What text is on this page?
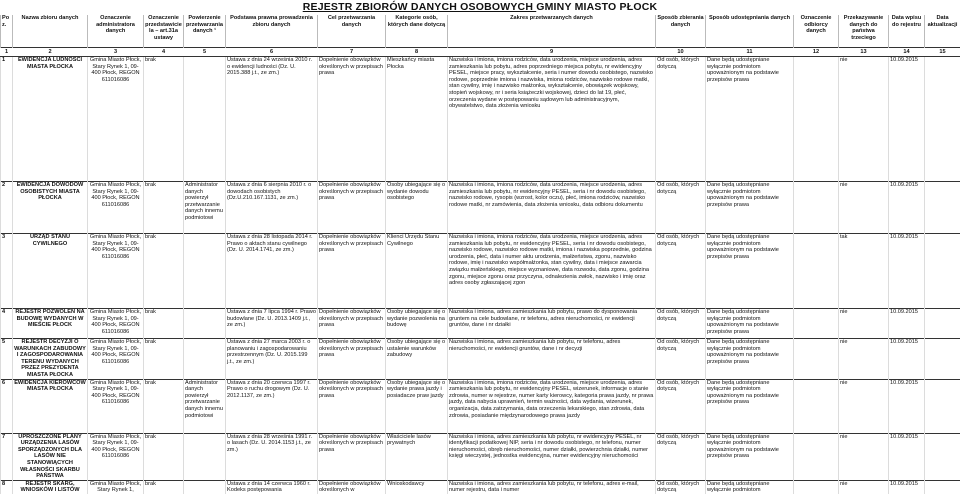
REJESTR ZBIORÓW DANYCH OSOBOWYCH GMINY MIASTO PŁOCK
Poz.	Nazwa zbioru danych	Oznaczenie administratora danych	Oznaczenie przedstawiciela – art.31a ustawy	Powierzenie przetwarzania danych ¹	Podstawa prawna prowadzenia zbioru danych	Cel przetwarzania danych	Kategorie osób, których dane dotyczą	Zakres przetwarzanych danych	Sposób zbierania danych	Sposób udostępniania danych	Oznaczenie odbiorcy danych	Przekazywanie danych do państwa trzeciego	Data wpisu do rejestru	Data aktualizacji
1	2	3	4	5	6	7	8	9	10	11	12	13	14	15
1	EWIDENCJA LUDNOŚCI MIASTA PŁOCKA	Gmina Miasto Płock, Stary Rynek 1, 09-400 Płock, REGON 611016086	brak		Ustawa z dnia 24 września 2010 r. o ewidencji ludności (Dz. U. 2015.388 j.t., ze zm.)	Dopełnienie obowiązków określonych w przepisach prawa	Mieszkańcy miasta Płocka	Nazwiska i imiona, imiona rodziców, data urodzenia, miejsce urodzenia, adres zamieszkania lub pobytu, adres poprzedniego miejsca pobytu, nr ewidencyjny PESEL, miejsce pracy, wykształcenie, seria i numer dowodu osobistego, nazwisko rodowe, poprzednie imiona i nazwiska, imiona rodziców, nazwisko rodowe matki, stan cywilny, imię i nazwisko małżonka, wykształcenie, obowiązek wojskowy, stopień wojskowy, nr i seria książeczki wojskowej, dzieci do lat 19, płeć, orzeczenia wydane w postępowaniu sądowym lub administracyjnym, obywatelstwo, data złożenia wniosku	Od osób, których dotyczą	Dane będą udostępniane wyłącznie podmiotom upoważnionym na podstawie przepisów prawa		nie	10.09.2015	
2	EWIDENCJA DOWODÓW OSOBISTYCH MIASTA PŁOCKA	Gmina Miasto Płock, Stary Rynek 1, 09-400 Płock, REGON 611016086	brak	Administrator danych powierzył przetwarzanie danych innemu podmiotowi	Ustawa z dnia 6 sierpnia 2010 r. o dowodach osobistych (Dz.U.210.167.1131, ze zm.)	Dopełnienie obowiązków określonych w przepisach prawa	Osoby ubiegające się o wydanie dowodu osobistego	Nazwiska i imiona, imiona rodziców, data urodzenia, miejsce urodzenia, adres zamieszkania lub pobytu, nr ewidencyjny PESEL, seria i nr dowodu osobistego, nazwisko rodowe, rysopis (wzrost, kolor oczu), płeć, imiona rodziców, nazwisko rodowe matki, nr zamówienia, data złożenia wniosku, data odbioru dokumentu	Od osób, których dotyczą	Dane będą udostępniane wyłącznie podmiotom upoważnionym na podstawie przepisów prawa		nie	10.09.2015	
3	URZĄD STANU CYWILNEGO	Gmina Miasto Płock, Stary Rynek 1, 09-400 Płock, REGON 611016086	brak		Ustawa z dnia 28 listopada 2014 r. Prawo o aktach stanu cywilnego (Dz. U. 2014.1741, ze zm.)	Dopełnienie obowiązków określonych w przepisach prawa	Klienci Urzędu Stanu Cywilnego	Nazwiska i imiona, imiona rodziców, data urodzenia, miejsce urodzenia, adres zamieszkania lub pobytu, nr ewidencyjny PESEL, seria i nr dowodu osobistego, nazwisko rodowe, nazwisko rodowe matki, imiona i nazwiska poprzednie, godzina urodzenia, płeć, data i numer aktu urodzenia, małżeństwa, zgonu, nazwisko rodowe, imię i nazwisko współmałżonka, stan cywilny, data i miejsce zawarcia związku małżeńskiego, miejsce wyznaniowe, data rozwodu, data zgonu, godzina zgonu, miejsce zgonu oraz przyczyna, odnalezienia zwłok, nazwisko i imię oraz adres osoby zgłaszającej zgon	Od osób, których dotyczą	Dane będą udostępniane wyłącznie podmiotom upoważnionym na podstawie przepisów prawa		tak	10.09.2015	
4	REJESTR POZWOLEŃ NA BUDOWĘ WYDANYCH W MIEŚCIE PŁOCK	Gmina Miasto Płock, Stary Rynek 1, 09-400 Płock, REGON 611016086	brak		Ustawa z dnia 7 lipca 1994 r. Prawo budowlane (Dz. U. 2013.1409 j.t., ze zm.)	Dopełnienie obowiązków określonych w przepisach prawa	Osoby ubiegające się o wydanie pozwolenia na budowę	Nazwiska i imiona, adres zamieszkania lub pobytu, prawo do dysponowania gruntem na cele budowlane, nr telefonu, adres nieruchomości, nr ewidencji gruntów, dane i nr działki	Od osób, których dotyczą	Dane będą udostępniane wyłącznie podmiotom upoważnionym na podstawie przepisów prawa		nie	10.09.2015	
5	REJESTR DECYZJI O WARUNKACH ZABUDOWY I ZAGOSPODAROWANIA TERENU WYDANYCH PRZEZ PREZYDENTA MIASTA PŁOCKA	Gmina Miasto Płock, Stary Rynek 1, 09-400 Płock, REGON 611016086	brak		Ustawa z dnia 27 marca 2003 r. o planowaniu i zagospodarowaniu przestrzennym (Dz. U. 2015.199 j.t., ze zm.)	Dopełnienie obowiązków określonych w przepisach prawa	Osoby ubiegające się o ustalenie warunków zabudowy	Nazwiska i imiona, adres zamieszkania lub pobytu, nr telefonu, adres nieruchomości, nr ewidencji gruntów, dane i nr decyzji	Od osób, których dotyczą	Dane będą udostępniane wyłącznie podmiotom upoważnionym na podstawie przepisów prawa		nie	10.09.2015	
6	EWIDENCJA KIEROWCÓW MIASTA PŁOCKA	Gmina Miasto Płock, Stary Rynek 1, 09-400 Płock, REGON 611016086	brak	Administrator danych powierzył przetwarzanie danych innemu podmiotowi	Ustawa z dnia 20 czerwca 1997 r. Prawo o ruchu drogowym (Dz. U. 2012.1137, ze zm.)	Dopełnienie obowiązków określonych w przepisach prawa	Osoby ubiegające się o wydanie prawa jazdy i posiadacze praw jazdy	Nazwiska i imiona, imiona rodziców, data urodzenia, miejsce urodzenia, adres zamieszkania lub pobytu, nr ewidencyjny PESEL, wizerunek, informacje o stanie zdrowia, numer w rejestrze, numer karty kierowcy, kategoria prawa jazdy, nr prawa jazdy, data nabycia uprawnień, termin ważności, data wydania, wizerunek, organizacja, data zatrzymania, data orzeczenia lekarskiego, stan zdrowia, data zdrowia, posiadanie międzynarodowego prawa jazdy	Od osób, których dotyczą	Dane będą udostępniane wyłącznie podmiotom upoważnionym na podstawie przepisów prawa		nie	10.09.2015	
7	UPROSZCZONE PLANY URZĄDZENIA LASÓW SPORZĄDZONYCH DLA LASÓW NIE STANOWIĄCYCH WŁASNOŚCI SKARBU PAŃSTWA	Gmina Miasto Płock, Stary Rynek 1, 09-400 Płock, REGON 611016086	brak		Ustawa z dnia 28 września 1991 r. o lasach (Dz. U. 2014.1153 j.t., ze zm.)	Dopełnienie obowiązków określonych w przepisach prawa	Właściciele lasów prywatnych	Nazwiska i imiona, adres zamieszkania lub pobytu, nr ewidencyjny PESEL, nr identyfikacji podatkowej NIP, seria i nr dowodu osobistego, nr telefonu, numer nieruchomości, obręb nieruchomości, numer działki, powierzchnia działki, numer księgi wieczystej, jednostka ewidencyjna, numer ewidencyjny nieruchomości	Od osób, których dotyczą	Dane będą udostępniane wyłącznie podmiotom upoważnionym na podstawie przepisów prawa		nie	10.09.2015	
8	REJESTR SKARG, WNIOSKÓW I LISTÓW	Gmina Miasto Płock, Stary Rynek 1,	brak		Ustawa z dnia 14 czerwca 1960 r. Kodeks postępowania	Dopełnienie obowiązków określonych w	Wnioskodawcy	Nazwiska i imiona, adres zamieszkania lub pobytu, nr telefonu, adres e-mail, numer rejestru, data i numer	Od osób, których dotyczą	Dane będą udostępniane wyłącznie podmiotom		nie	10.09.2015	
